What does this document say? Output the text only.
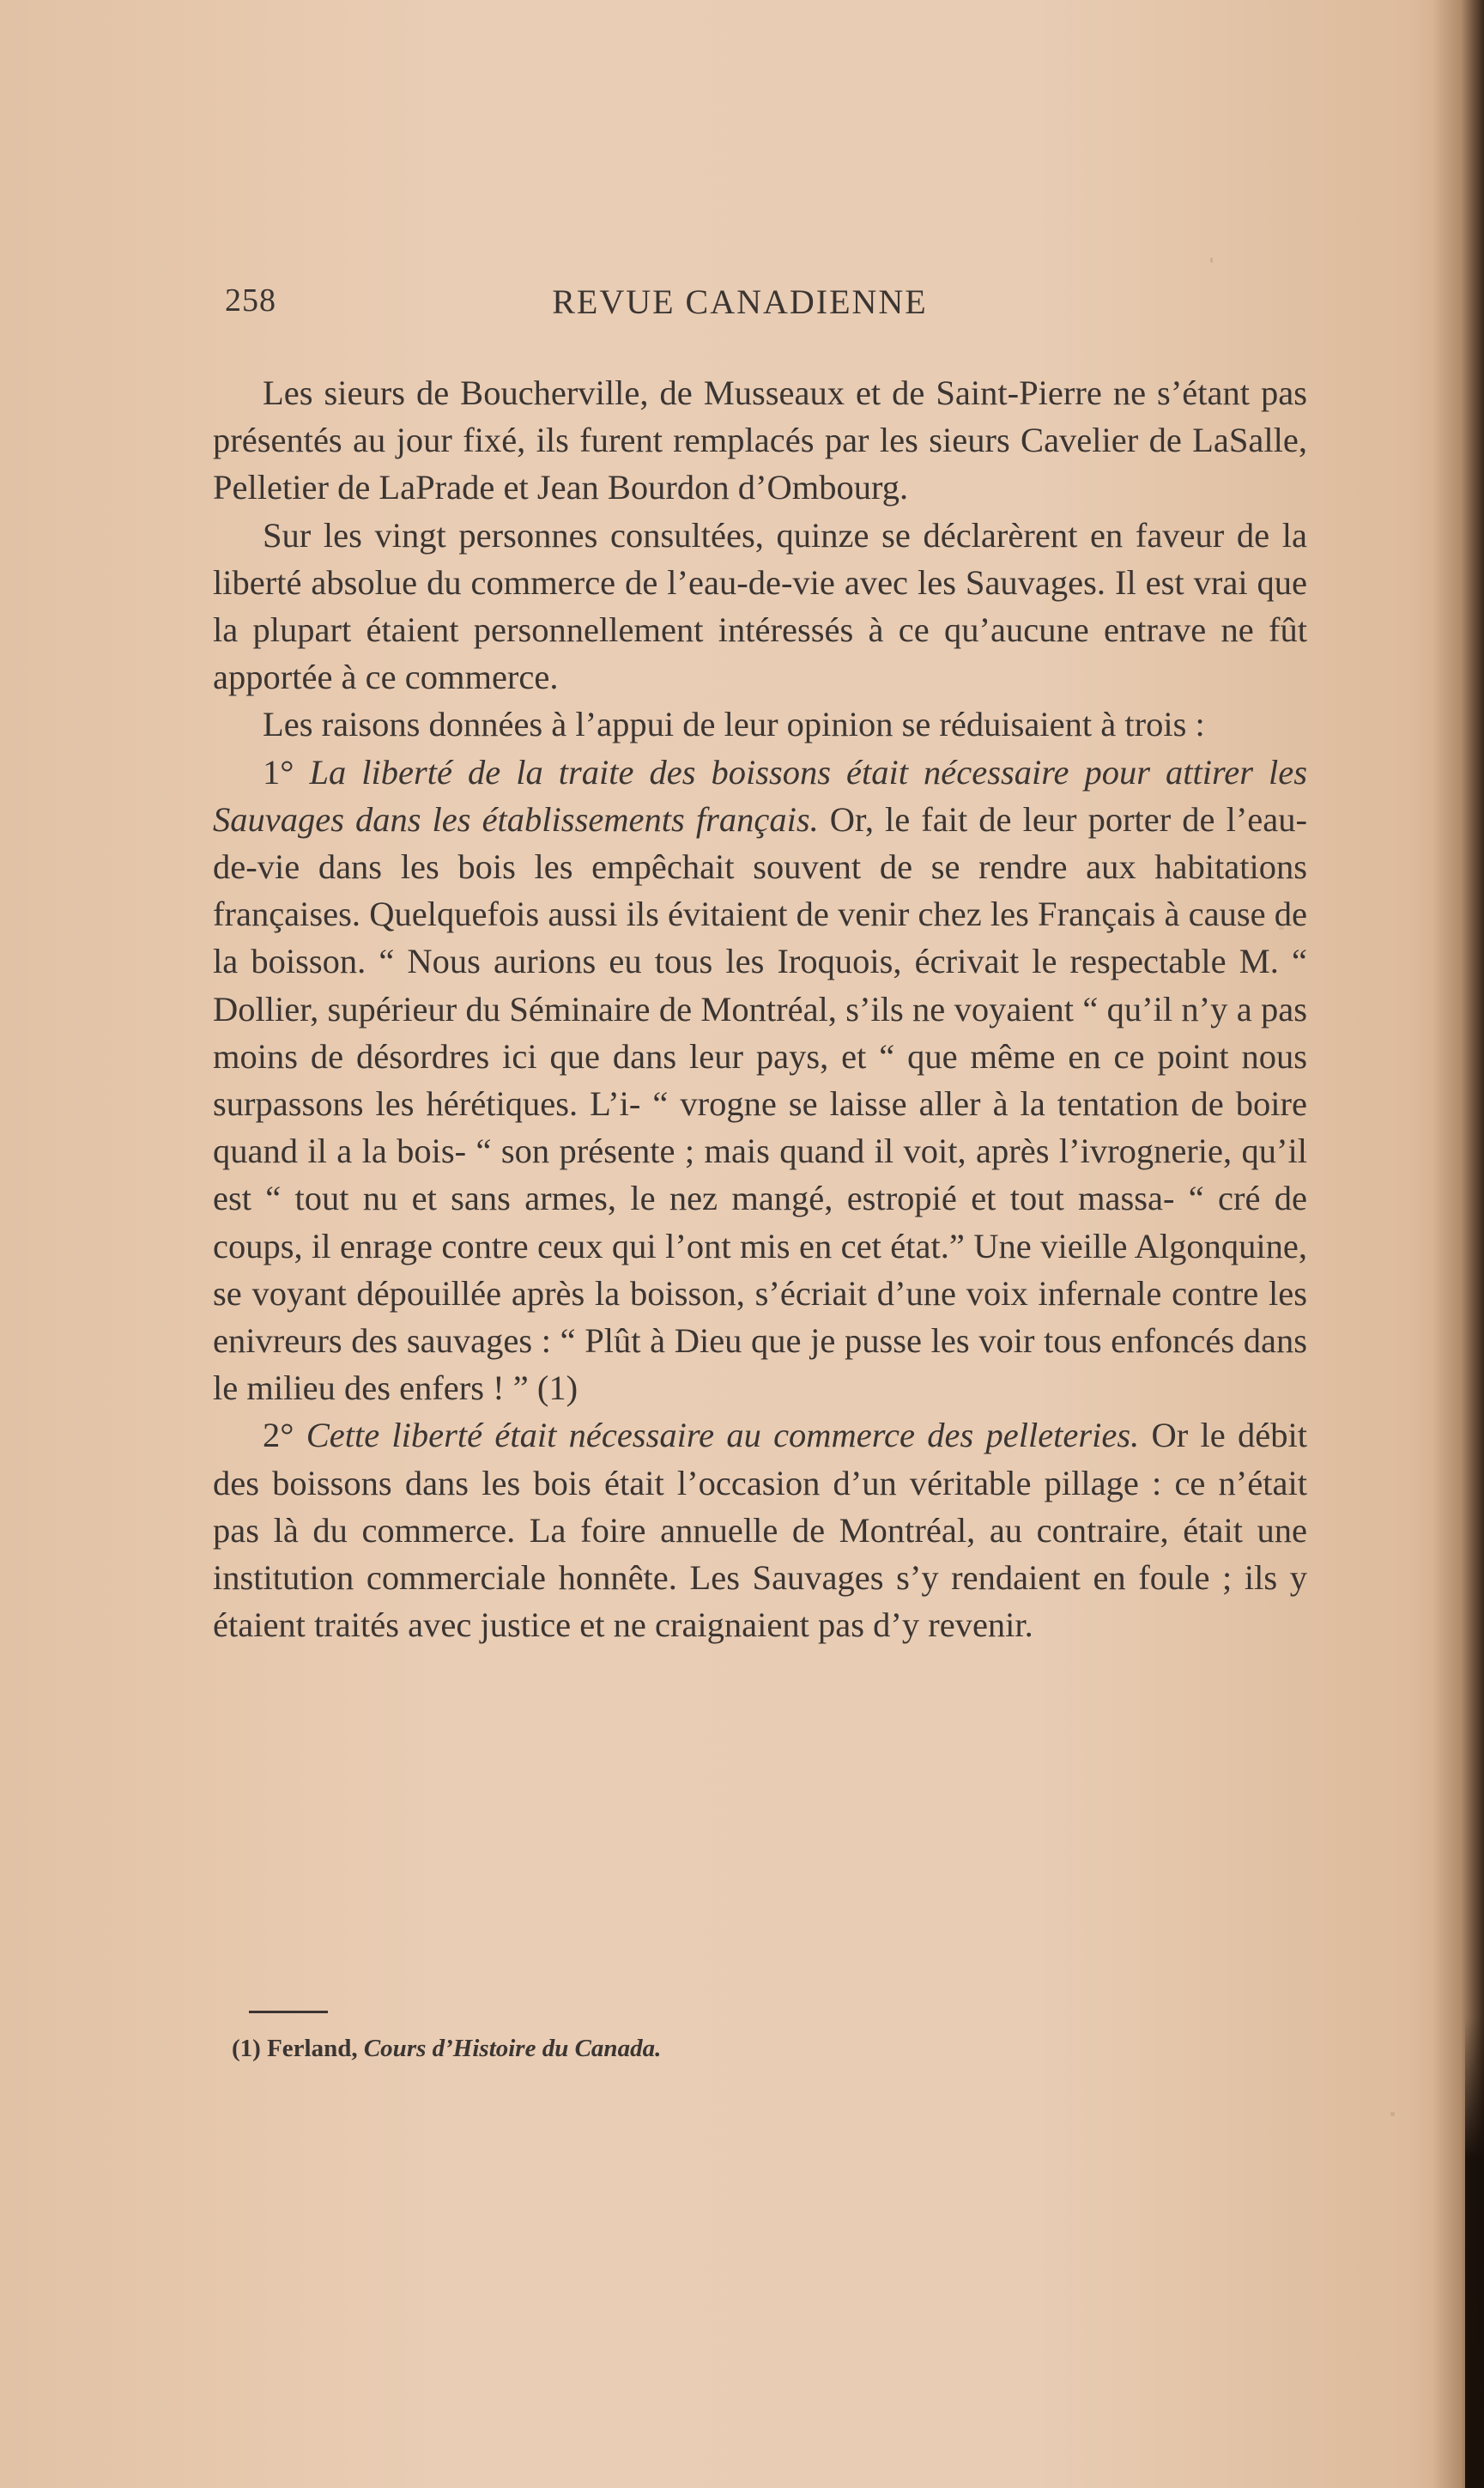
258	REVUE CANADIENNE

Les sieurs de Boucherville, de Musseaux et de Saint-Pierre ne s’étant pas présentés au jour fixé, ils furent remplacés par les sieurs Cavelier de LaSalle, Pelletier de LaPrade et Jean Bourdon d’Ombourg.

Sur les vingt personnes consultées, quinze se déclarèrent en faveur de la liberté absolue du commerce de l’eau-de-vie avec les Sauvages. Il est vrai que la plupart étaient personnellement intéressés à ce qu’aucune entrave ne fût apportée à ce commerce.

Les raisons données à l’appui de leur opinion se réduisaient à trois :

1° La liberté de la traite des boissons était nécessaire pour attirer les Sauvages dans les établissements français. Or, le fait de leur porter de l’eau-de-vie dans les bois les empêchait souvent de se rendre aux habitations françaises. Quelquefois aussi ils évitaient de venir chez les Français à cause de la boisson. “ Nous aurions eu tous les Iroquois, écrivait le respectable M. “ Dollier, supérieur du Séminaire de Montréal, s’ils ne voyaient “ qu’il n’y a pas moins de désordres ici que dans leur pays, et “ que même en ce point nous surpassons les hérétiques. L’i- “ vrogne se laisse aller à la tentation de boire quand il a la bois- “ son présente ; mais quand il voit, après l’ivrognerie, qu’il est “ tout nu et sans armes, le nez mangé, estropié et tout massa- “ cré de coups, il enrage contre ceux qui l’ont mis en cet état.” Une vieille Algonquine, se voyant dépouillée après la boisson, s’écriait d’une voix infernale contre les enivreurs des sauvages : “ Plût à Dieu que je pusse les voir tous enfoncés dans le milieu des enfers ! ” (1)

2° Cette liberté était nécessaire au commerce des pelleteries. Or le débit des boissons dans les bois était l’occasion d’un véritable pillage : ce n’était pas là du commerce. La foire annuelle de Montréal, au contraire, était une institution commerciale honnête. Les Sauvages s’y rendaient en foule ; ils y étaient traités avec justice et ne craignaient pas d’y revenir.

(1) Ferland, Cours d’Histoire du Canada.
